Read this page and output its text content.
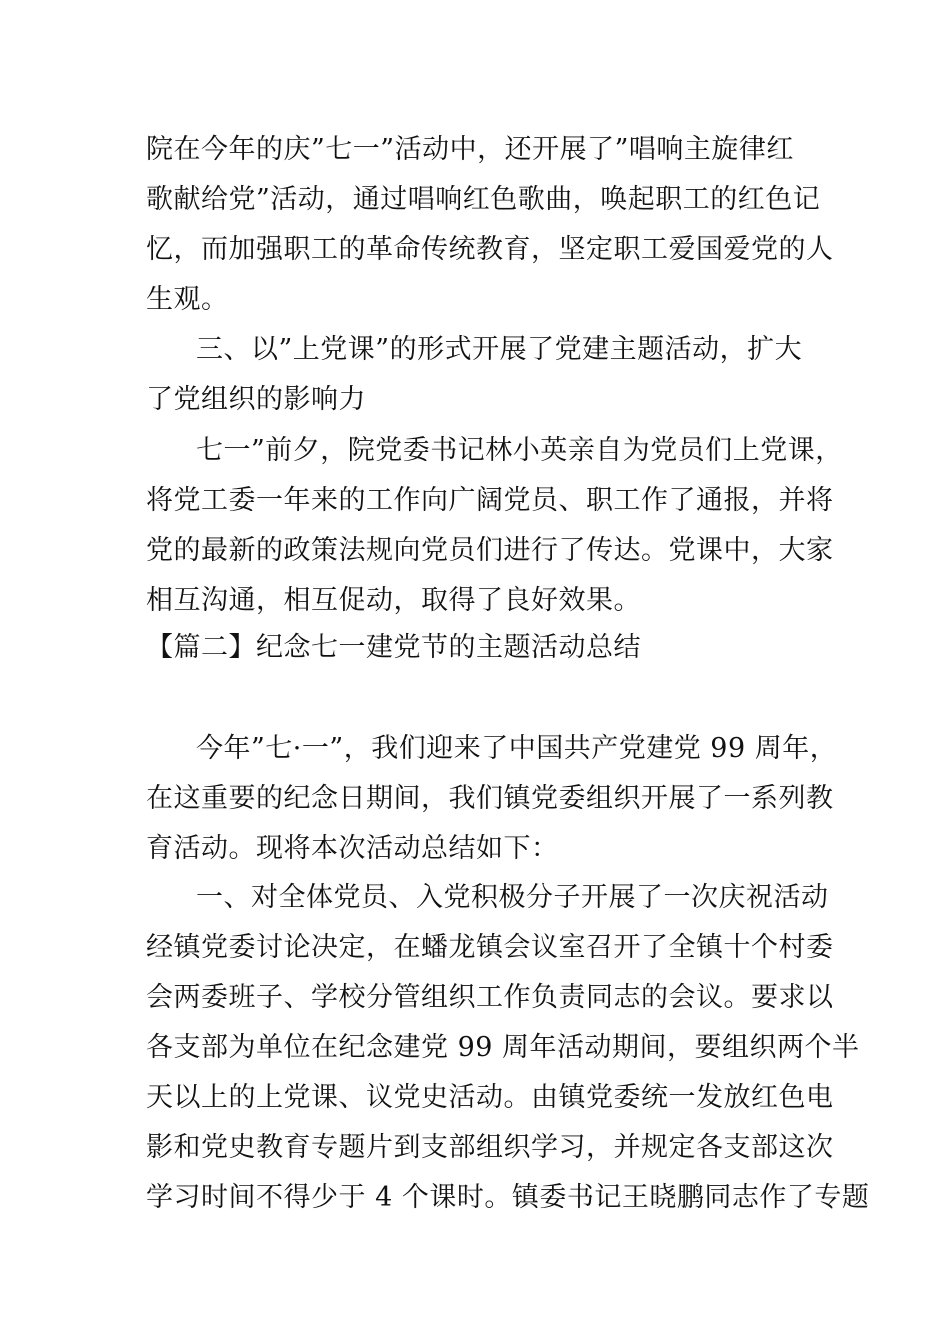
院在今年的庆”七一”活动中，还开展了”唱响主旋律红
歌献给党”活动，通过唱响红色歌曲，唤起职工的红色记
忆，而加强职工的革命传统教育，坚定职工爱国爱党的人
生观。
三、以”上党课”的形式开展了党建主题活动，扩大
了党组织的影响力
七一”前夕，院党委书记林小英亲自为党员们上党课，
将党工委一年来的工作向广阔党员、职工作了通报，并将
党的最新的政策法规向党员们进行了传达。党课中，大家
相互沟通，相互促动，取得了良好效果。
【篇二】纪念七一建党节的主题活动总结
今年”七·一”，我们迎来了中国共产党建党 99 周年，
在这重要的纪念日期间，我们镇党委组织开展了一系列教
育活动。现将本次活动总结如下：
一、对全体党员、入党积极分子开展了一次庆祝活动
经镇党委讨论决定，在蟠龙镇会议室召开了全镇十个村委
会两委班子、学校分管组织工作负责同志的会议。要求以
各支部为单位在纪念建党 99 周年活动期间，要组织两个半
天以上的上党课、议党史活动。由镇党委统一发放红色电
影和党史教育专题片到支部组织学习，并规定各支部这次
学习时间不得少于 4 个课时。镇委书记王晓鹏同志作了专题
